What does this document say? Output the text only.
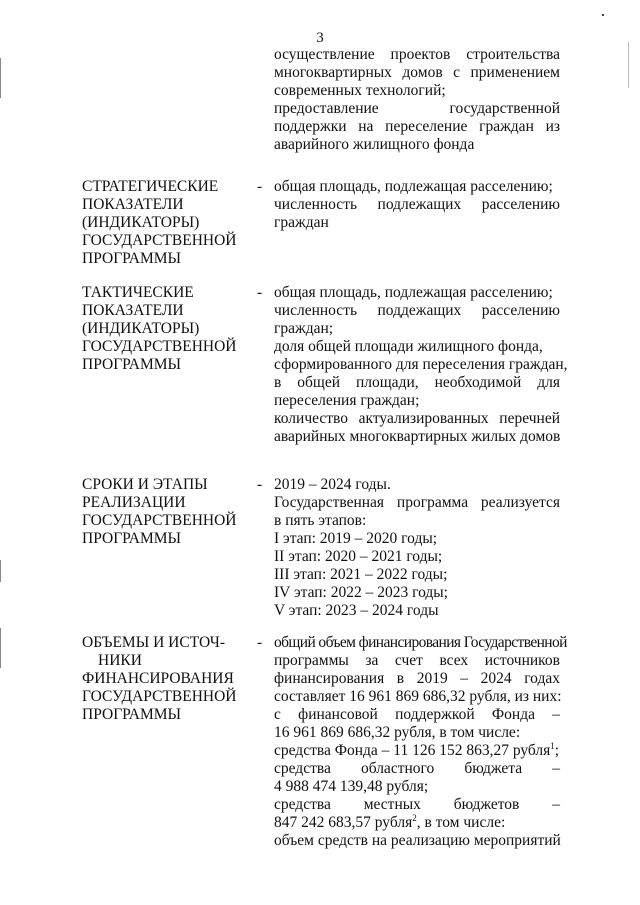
3
осуществление проектов строительства
многоквартирных домов с применением
современных технологий;
предоставление государственной
поддержки на переселение граждан из
аварийного жилищного фонда
СТРАТЕГИЧЕСКИЕ
ПОКАЗАТЕЛИ
(ИНДИКАТОРЫ)
ГОСУДАРСТВЕННОЙ
ПРОГРАММЫ
- общая площадь, подлежащая расселению;
численность подлежащих расселению
граждан
ТАКТИЧЕСКИЕ
ПОКАЗАТЕЛИ
(ИНДИКАТОРЫ)
ГОСУДАРСТВЕННОЙ
ПРОГРАММЫ
- общая площадь, подлежащая расселению;
численность поддежащих расселению
граждан;
доля общей площади жилищного фонда,
сформированного для переселения граждан,
в общей площади, необходимой для
переселения граждан;
количество актуализированных перечней
аварийных многоквартирных жилых домов
СРОКИ И ЭТАПЫ
РЕАЛИЗАЦИИ
ГОСУДАРСТВЕННОЙ
ПРОГРАММЫ
- 2019 – 2024 годы.
Государственная программа реализуется
в пять этапов:
I этап: 2019 – 2020 годы;
II этап: 2020 – 2021 годы;
III этап: 2021 – 2022 годы;
IV этап: 2022 – 2023 годы;
V этап: 2023 – 2024 годы
ОБЪЕМЫ И ИСТОЧ-
НИКИ
ФИНАНСИРОВАНИЯ
ГОСУДАРСТВЕННОЙ
ПРОГРАММЫ
- общий объем финансирования Государственной
программы за счет всех источников
финансирования в 2019 – 2024 годах
составляет 16 961 869 686,32 рубля, из них:
с финансовой поддержкой Фонда –
16 961 869 686,32 рубля, в том числе:
средства Фонда – 11 126 152 863,27 рубля$^1$;
средства областного бюджета –
4 988 474 139,48 рубля;
средства местных бюджетов –
847 242 683,57 рубля$^2$, в том числе:
объем средств на реализацию мероприятий
